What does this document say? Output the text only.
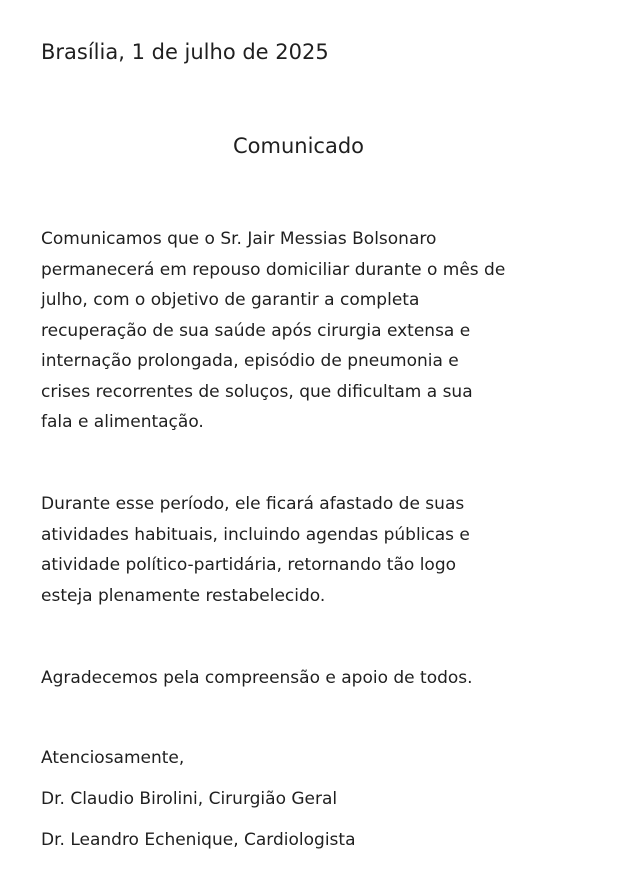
Brasília, 1 de julho de 2025
Comunicado

Comunicamos que o Sr. Jair Messias Bolsonaro
permanecerá em repouso domiciliar durante o mês de
julho, com o objetivo de garantir a completa
recuperação de sua saúde após cirurgia extensa e
internação prolongada, episódio de pneumonia e
crises recorrentes de soluços, que dificultam a sua
fala e alimentação.

Durante esse período, ele ficará afastado de suas
atividades habituais, incluindo agendas públicas e
atividade político-partidária, retornando tão logo
esteja plenamente restabelecido.

Agradecemos pela compreensão e apoio de todos.

Atenciosamente,
Dr. Claudio Birolini, Cirurgião Geral
Dr. Leandro Echenique, Cardiologista
